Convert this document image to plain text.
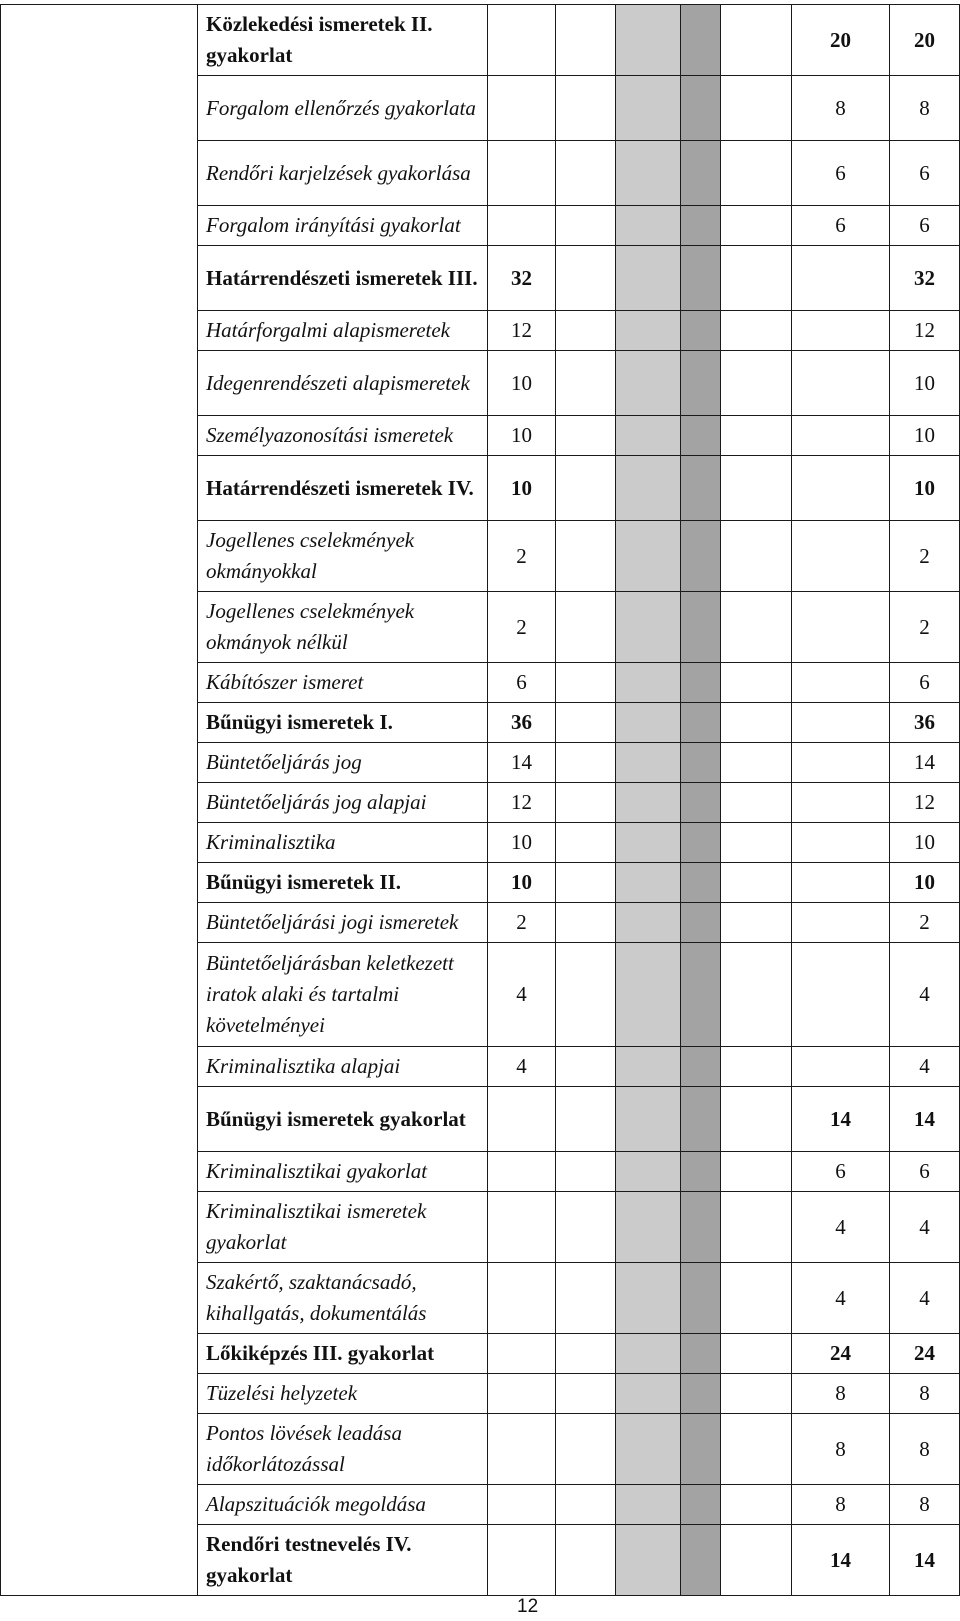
	Közlekedési ismeretek II. gyakorlat						20	20
	Forgalom ellenőrzés gyakorlata						8	8
	Rendőri karjelzések gyakorlása						6	6
	Forgalom irányítási gyakorlat						6	6
	Határrendészeti ismeretek III.	32						32
	Határforgalmi alapismeretek	12						12
	Idegenrendészeti alapismeretek	10						10
	Személyazonosítási ismeretek	10						10
	Határrendészeti ismeretek IV.	10						10
	Jogellenes cselekmények okmányokkal	2						2
	Jogellenes cselekmények okmányok nélkül	2						2
	Kábítószer ismeret	6						6
	Bűnügyi ismeretek I.	36						36
	Büntetőeljárás jog	14						14
	Büntetőeljárás jog alapjai	12						12
	Kriminalisztika	10						10
	Bűnügyi ismeretek II.	10						10
	Büntetőeljárási jogi ismeretek	2						2
	Büntetőeljárásban keletkezett iratok alaki és tartalmi követelményei	4						4
	Kriminalisztika alapjai	4						4
	Bűnügyi ismeretek gyakorlat						14	14
	Kriminalisztikai gyakorlat						6	6
	Kriminalisztikai ismeretek gyakorlat						4	4
	Szakértő, szaktanácsadó, kihallgatás, dokumentálás						4	4
	Lőkiképzés III. gyakorlat						24	24
	Tüzelési helyzetek						8	8
	Pontos lövések leadása időkorlátozással						8	8
	Alapszituációk megoldása						8	8
	Rendőri testnevelés IV. gyakorlat						14	14
12
